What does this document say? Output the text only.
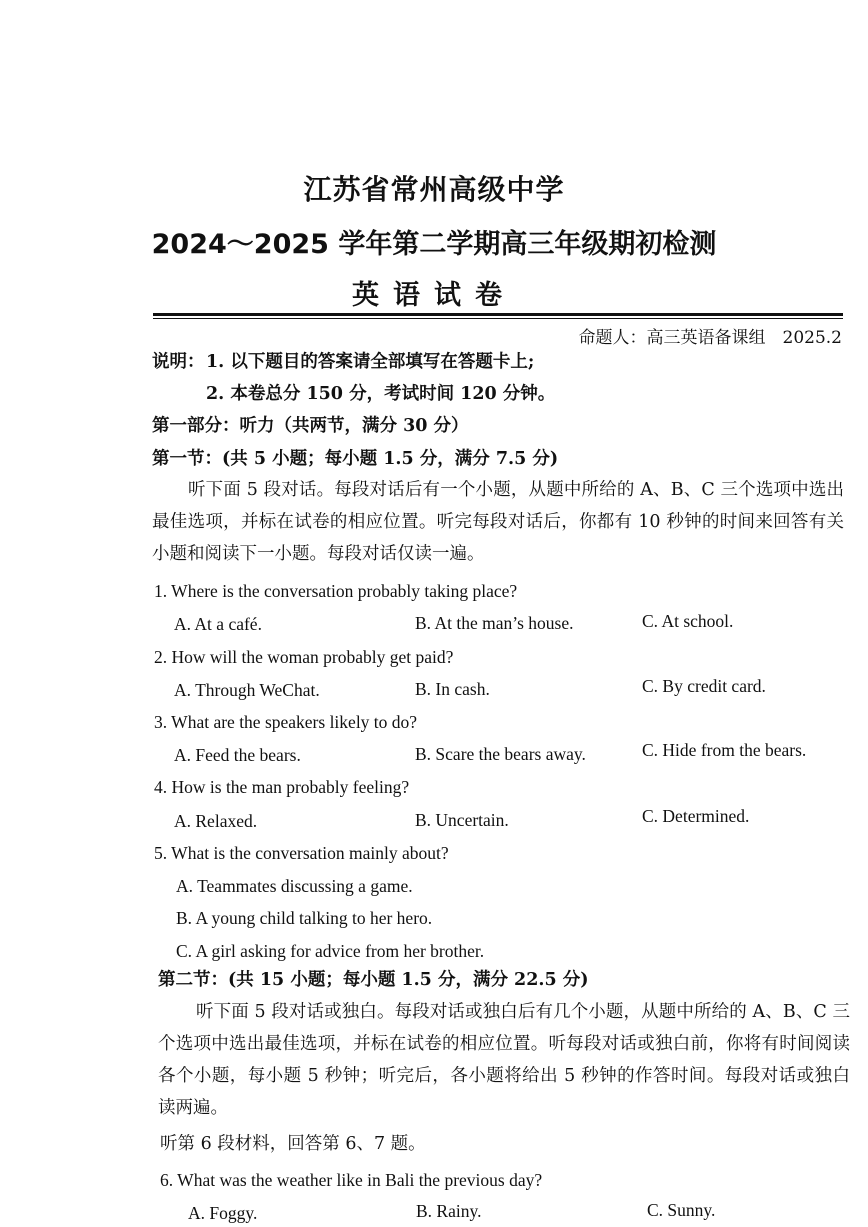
江苏省常州高级中学
2024～2025 学年第二学期高三年级期初检测
英语试卷
命题人：高三英语备课组　2025.2
说明： 1. 以下题目的答案请全部填写在答题卡上;
2. 本卷总分 150 分，考试时间 120 分钟。
第一部分：听力（共两节，满分 30 分）
第一节：(共 5 小题；每小题 1.5 分，满分 7.5 分)
听下面 5 段对话。每段对话后有一个小题，从题中所给的 A、B、C 三个选项中选出最佳选项，并标在试卷的相应位置。听完每段对话后，你都有 10 秒钟的时间来回答有关小题和阅读下一小题。每段对话仅读一遍。
1. Where is the conversation probably taking place?
A. At a café.	B. At the man’s house.	C. At school.
2. How will the woman probably get paid?
A. Through WeChat.	B. In cash.	C. By credit card.
3. What are the speakers likely to do?
A. Feed the bears.	B. Scare the bears away.	C. Hide from the bears.
4. How is the man probably feeling?
A. Relaxed.	B. Uncertain.	C. Determined.
5. What is the conversation mainly about?
A. Teammates discussing a game.
B. A young child talking to her hero.
C. A girl asking for advice from her brother.
第二节：(共 15 小题；每小题 1.5 分，满分 22.5 分)
听下面 5 段对话或独白。每段对话或独白后有几个小题，从题中所给的 A、B、C 三个选项中选出最佳选项，并标在试卷的相应位置。听每段对话或独白前，你将有时间阅读各个小题，每小题 5 秒钟；听完后，各小题将给出 5 秒钟的作答时间。每段对话或独白读两遍。
听第 6 段材料，回答第 6、7 题。
6. What was the weather like in Bali the previous day?
A. Foggy.	B. Rainy.	C. Sunny.
